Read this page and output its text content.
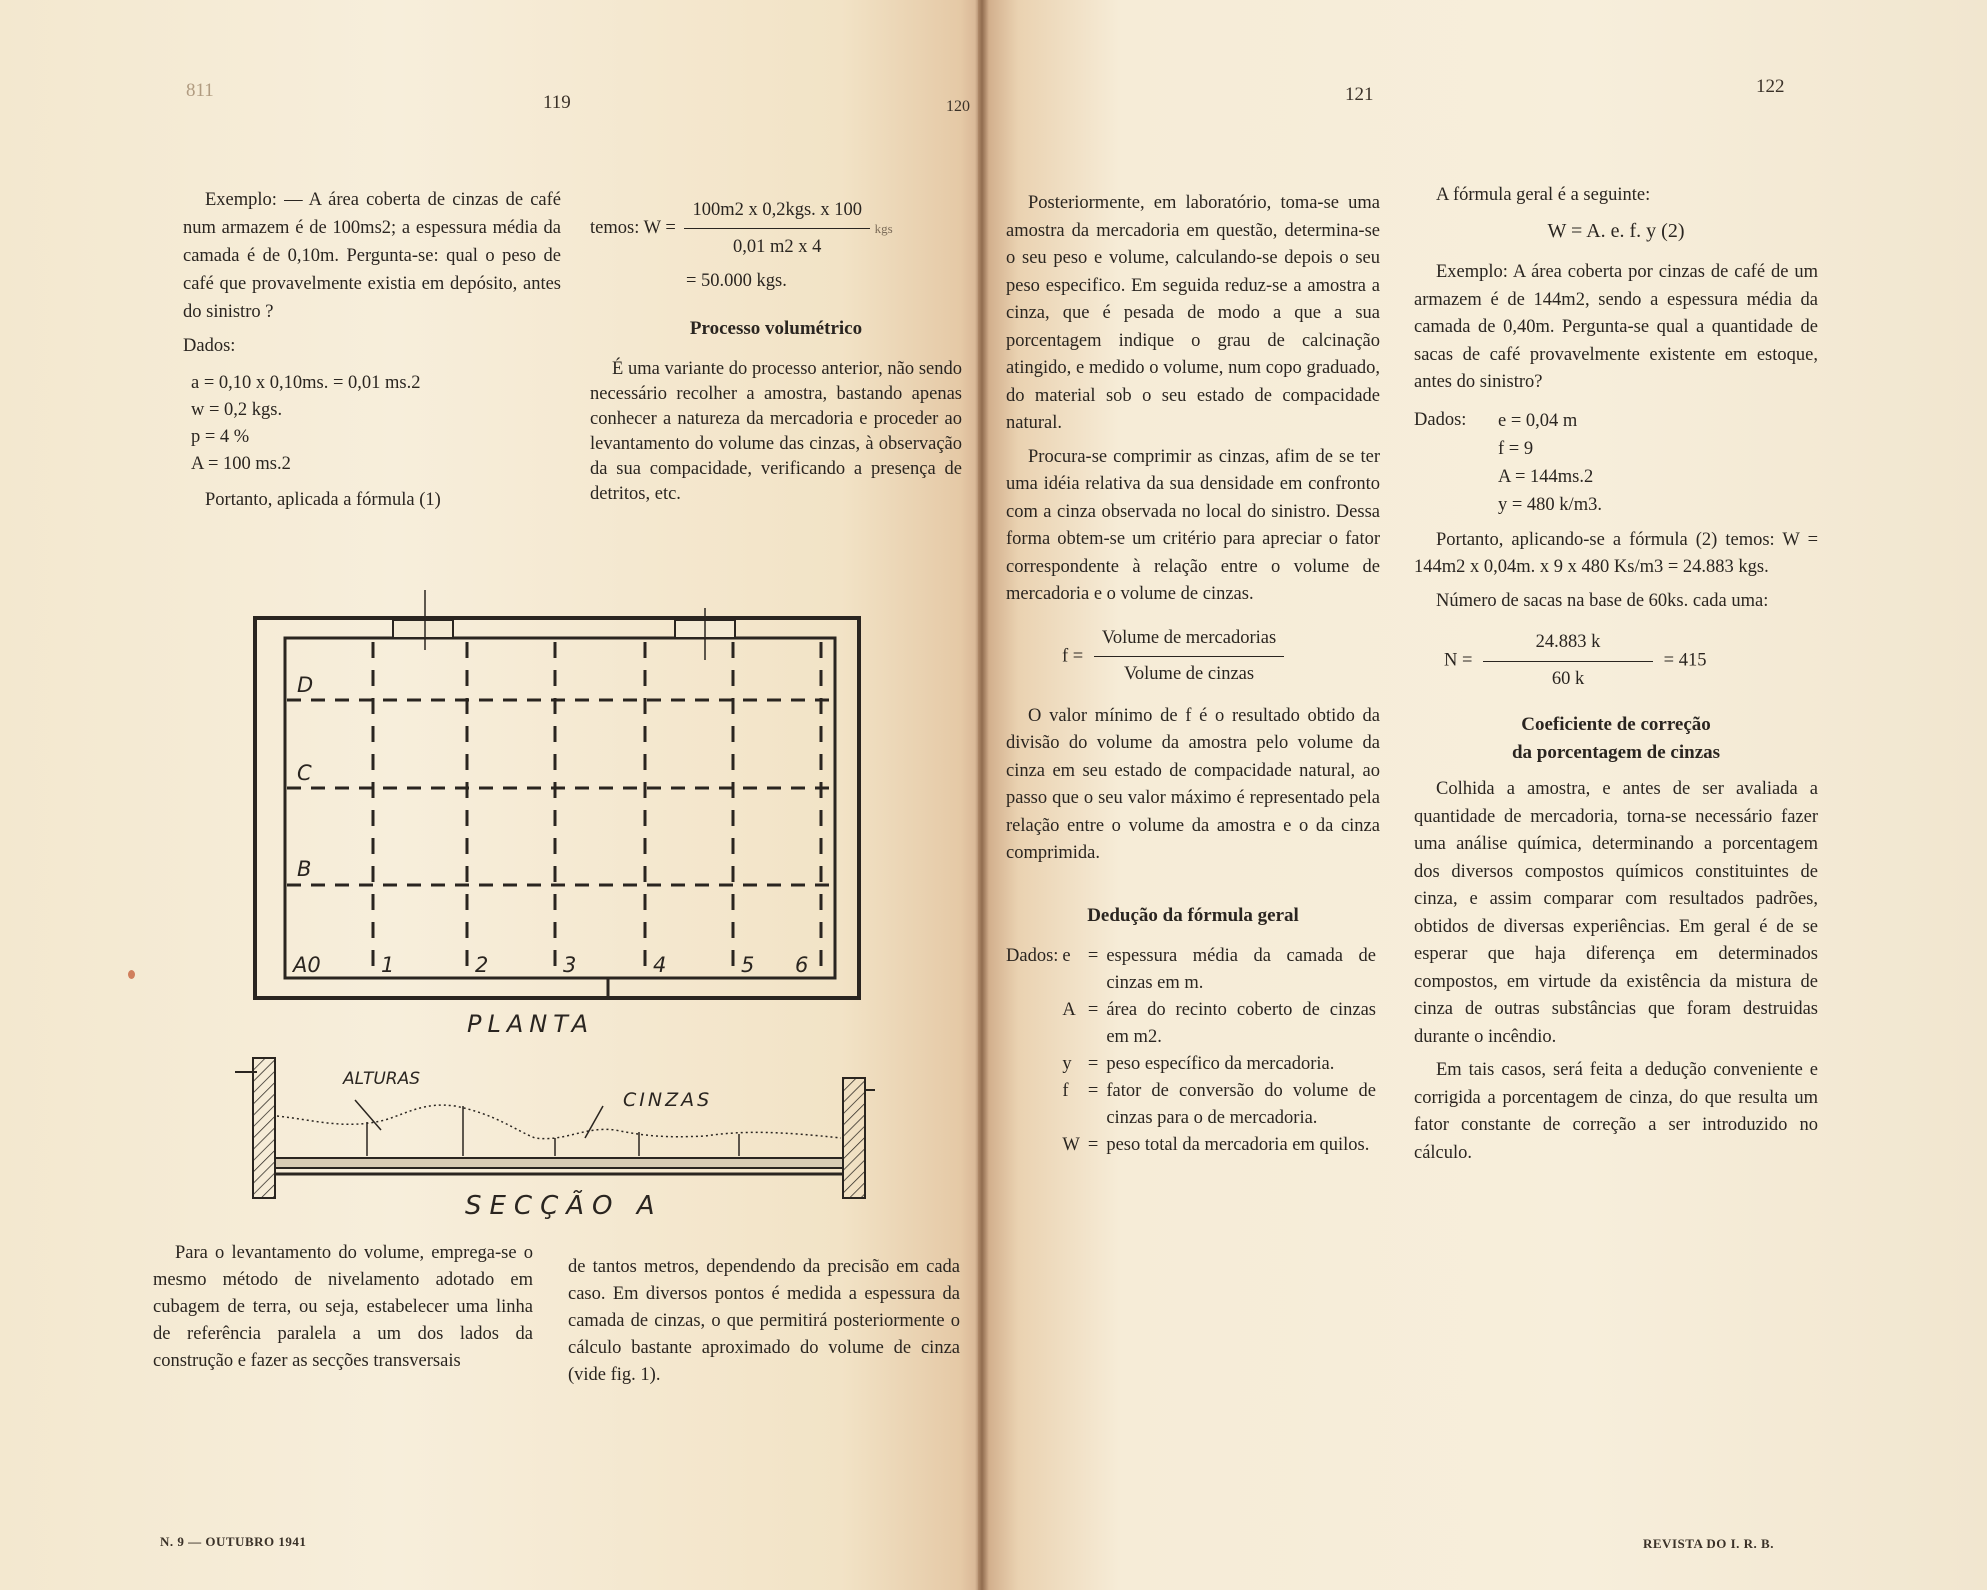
811
119	120
121	122

Exemplo: — A área coberta de cinzas de café num armazem é de 100ms2; a espessura média da camada é de 0,10m. Pergunta-se: qual o peso de café que provavelmente existia em depósito, antes do sinistro ?

Dados:

a = 0,10 x 0,10ms. = 0,01 ms.2
w = 0,2 kgs.
p = 4 %
A = 100 ms.2

Portanto, aplicada a fórmula (1)

temos: $W = \frac{\text{100m2 x 0,2kgs. x 100}}{0,01 m2 x 4}$ kgs
= 50.000 kgs.
Processo volumétrico

É uma variante do processo anterior, não sendo necessário recolher a amostra, bastando apenas conhecer a natureza da mercadoria e proceder ao levantamento do volume das cinzas, à observação da sua compacidade, verificando a presença de detritos, etc.

D
C
B
A0	1	2	3	4	5 6
PLANTA
ALTURAS
CINZAS
SECÇÃO A

Para o levantamento do volume, emprega-se o mesmo método de nivelamento adotado em cubagem de terra, ou seja, estabelecer uma linha de referência paralela a um dos lados da construção e fazer as secções transversais

de tantos metros, dependendo da precisão em cada caso. Em diversos pontos é medida a espessura da camada de cinzas, o que permitirá posteriormente o cálculo bastante aproximado do volume de cinza (vide fig. 1).

Posteriormente, em laboratório, toma-se uma amostra da mercadoria em questão, determina-se o seu peso e volume, calculando-se depois o seu peso especifico. Em seguida reduz-se a amostra a cinza, que é pesada de modo a que a sua porcentagem indique o grau de calcinação atingido, e medido o volume, num copo graduado, do material sob o seu estado de compacidade natural.

Procura-se comprimir as cinzas, afim de se ter uma idéia relativa da sua densidade em confronto com a cinza observada no local do sinistro. Dessa forma obtem-se um critério para apreciar o fator correspondente à relação entre o volume de mercadoria e o volume de cinzas.

$f = \frac{\text{Volume de mercadorias}}{\text{Volume de cinzas}}$

O valor mínimo de f é o resultado obtido da divisão do volume da amostra pelo volume da cinza em seu estado de compacidade natural, ao passo que o seu valor máximo é representado pela relação entre o volume da amostra e o da cinza comprimida.

Dedução da fórmula geral
Dados: e	=	espessura média da camada de cinzas em m.
A	=	área do recinto coberto de cinzas em m2.
y	=	peso específico da mercadoria.
f	=	fator de conversão do volume de cinzas para o de mercadoria.
W	=	peso total da mercadoria em quilos.

A fórmula geral é a seguinte:

W = A. e. f. y (2)

Exemplo: A área coberta por cinzas de café de um armazem é de 144m2, sendo a espessura média da camada de 0,40m. Pergunta-se qual a quantidade de sacas de café provavelmente existente em estoque, antes do sinistro?

Dados:	e = 0,04 m
f = 9
A = 144ms.2
y = 480 k/m3.

Portanto, aplicando-se a fórmula (2) temos: W = 144m2 x 0,04m. x 9 x 480 Ks/m3 = 24.883 kgs.

Número de sacas na base de 60ks. cada uma:

$N = \frac{24.883 k}{60 k} = 415$
Coeficiente de correção
da porcentagem de cinzas

Colhida a amostra, e antes de ser avaliada a quantidade de mercadoria, torna-se necessário fazer uma análise química, determinando a porcentagem dos diversos compostos químicos constituintes de cinza, e assim comparar com resultados padrões, obtidos de diversas experiências. Em geral é de se esperar que haja diferença em determinados compostos, em virtude da existência da mistura de cinza de outras substâncias que foram destruidas durante o incêndio.

Em tais casos, será feita a dedução conveniente e corrigida a porcentagem de cinza, do que resulta um fator constante de correção a ser introduzido no cálculo.

N. 9 — OUTUBRO 1941	REVISTA DO I. R. B.
